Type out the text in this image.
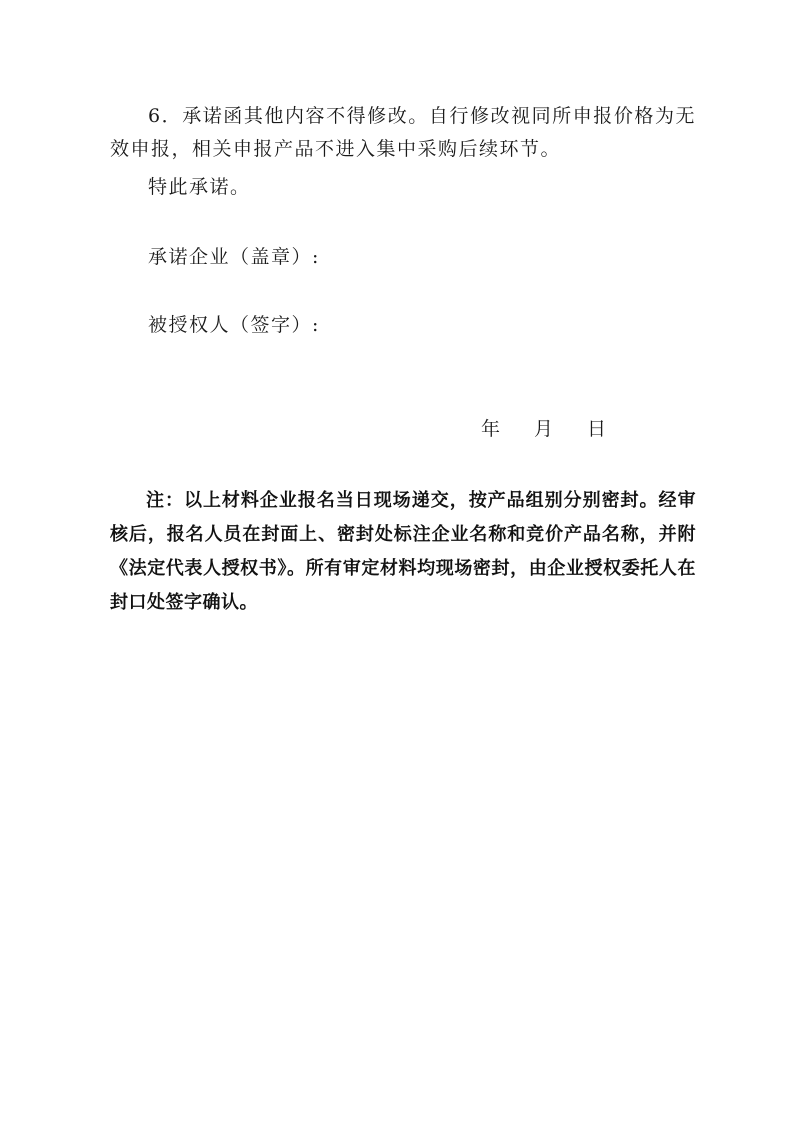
6．承诺函其他内容不得修改。自行修改视同所申报价格为无效申报，相关申报产品不进入集中采购后续环节。

特此承诺。

承诺企业（盖章）:

被授权人（签字）:

年 月 日

注：以上材料企业报名当日现场递交，按产品组别分别密封。经审核后，报名人员在封面上、密封处标注企业名称和竞价产品名称，并附《法定代表人授权书》。所有审定材料均现场密封，由企业授权委托人在封口处签字确认。
